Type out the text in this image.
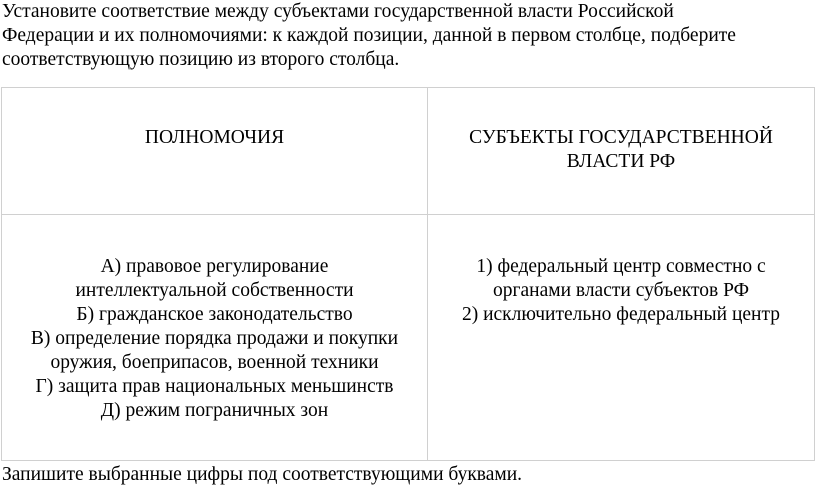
Установите соответствие между субъектами государственной власти Российской
Федерации и их полномочиями: к каждой позиции, данной в первом столбце, подберите
соответствующую позицию из второго столбца.
ПОЛНОМОЧИЯ	СУБЪЕКТЫ ГОСУДАРСТВЕННОЙ
ВЛАСТИ РФ
А) правовое регулирование
интеллектуальной собственности
Б) гражданское законодательство
В) определение порядка продажи и покупки
оружия, боеприпасов, военной техники
Г) защита прав национальных меньшинств
Д) режим пограничных зон
1) федеральный центр совместно с
органами власти субъектов РФ
2) исключительно федеральный центр

Запишите выбранные цифры под соответствующими буквами.
